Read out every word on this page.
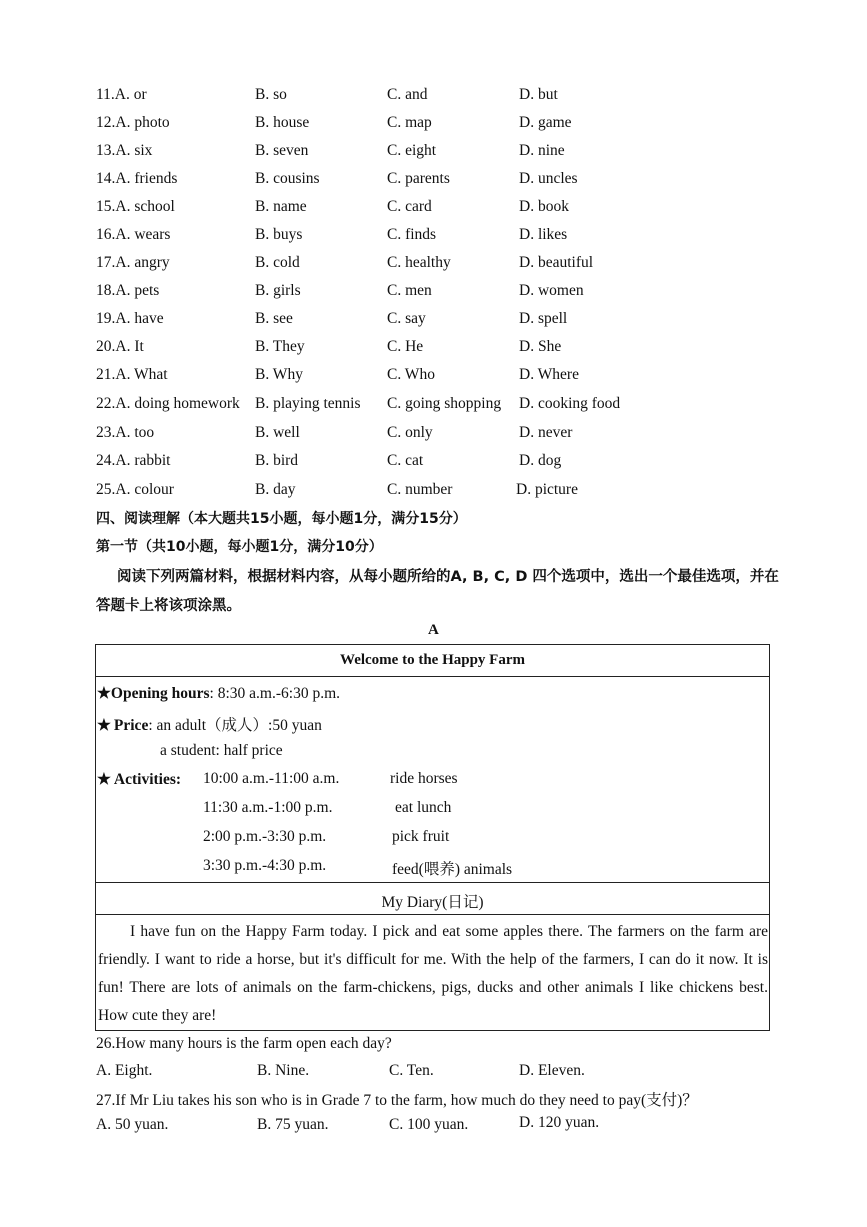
11.A. or	B. so	C. and	D. but
12.A. photo	B. house	C. map	D. game
13.A. six	B. seven	C. eight	D. nine
14.A. friends	B. cousins	C. parents	D. uncles
15.A. school	B. name	C. card	D. book
16.A. wears	B. buys	C. finds	D. likes
17.A. angry	B. cold	C. healthy	D. beautiful
18.A. pets	B. girls	C. men	D. women
19.A. have	B. see	C. say	D. spell
20.A. It	B. They	C. He	D. She
21.A. What	B. Why	C. Who	D. Where
22.A. doing homework B. playing tennis C. going shopping D. cooking food
23.A. too	B. well	C. only	D. never
24.A. rabbit	B. bird	C. cat	D. dog
25.A. colour	B. day	C. number	D. picture
四、阅读理解（本大题共15小题，每小题1分，满分15分）
第一节（共10小题，每小题1分，满分10分）
阅读下列两篇材料，根据材料内容，从每小题所给的A, B, C, D 四个选项中，选出一个最佳选项，并在
答题卡上将该项涂黑。
A
Welcome to the Happy Farm
★Opening hours: 8:30 a.m.-6:30 p.m.
★ Price: an adult（成人）:50 yuan
a student: half price
★ Activities: 10:00 a.m.-11:00 a.m.	ride horses
11:30 a.m.-1:00 p.m.	eat lunch
2:00 p.m.-3:30 p.m.	pick fruit
3:30 p.m.-4:30 p.m.	feed(喂养) animals
My Diary(日记)
I have fun on the Happy Farm today. I pick and eat some apples there. The farmers on the farm are friendly. I want to ride a horse, but it's difficult for me. With the help of the farmers, I can do it now. It is fun! There are lots of animals on the farm-chickens, pigs, ducks and other animals I like chickens best. How cute they are!
26.How many hours is the farm open each day?
A. Eight.	B. Nine.	C. Ten.	D. Eleven.
27.If Mr Liu takes his son who is in Grade 7 to the farm, how much do they need to pay(支付)？
A. 50 yuan.	B. 75 yuan.	C. 100 yuan.	D. 120 yuan.
